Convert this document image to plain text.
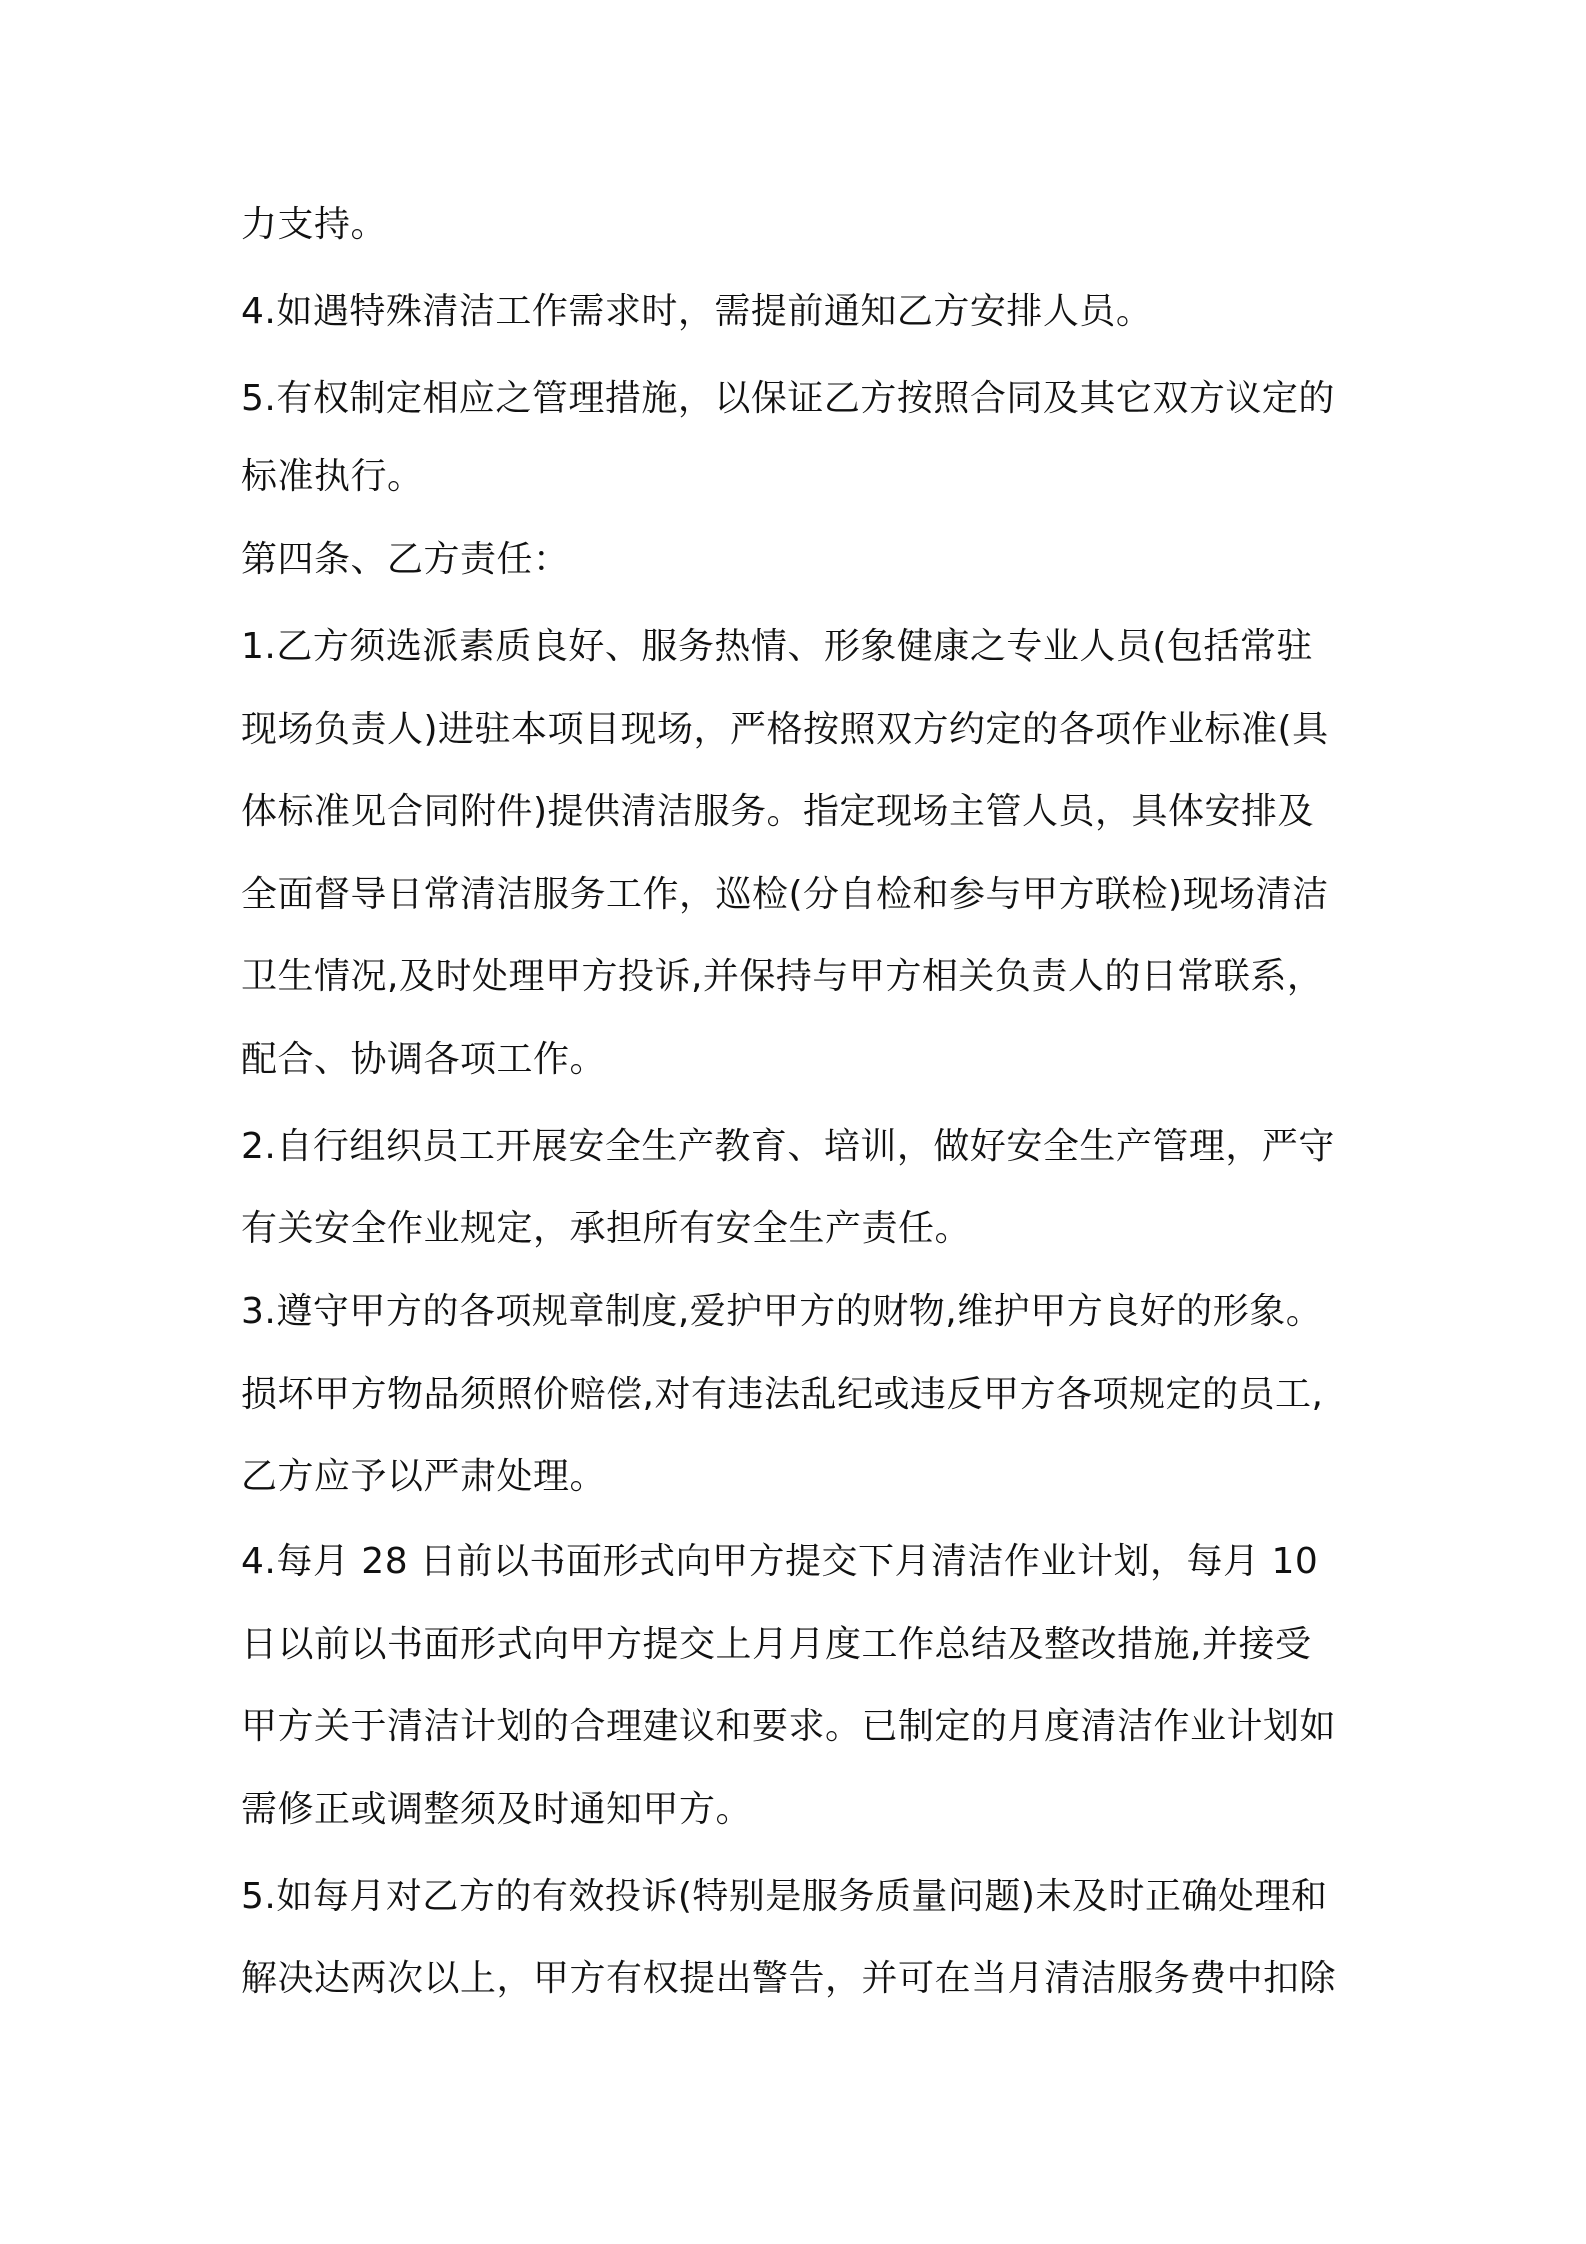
力支持。
4.如遇特殊清洁工作需求时，需提前通知乙方安排人员。
5.有权制定相应之管理措施，以保证乙方按照合同及其它双方议定的
标准执行。
第四条、乙方责任：
1.乙方须选派素质良好、服务热情、形象健康之专业人员(包括常驻
现场负责人)进驻本项目现场，严格按照双方约定的各项作业标准(具
体标准见合同附件)提供清洁服务。指定现场主管人员，具体安排及
全面督导日常清洁服务工作，巡检(分自检和参与甲方联检)现场清洁
卫生情况,及时处理甲方投诉,并保持与甲方相关负责人的日常联系，
配合、协调各项工作。
2.自行组织员工开展安全生产教育、培训，做好安全生产管理，严守
有关安全作业规定，承担所有安全生产责任。
3.遵守甲方的各项规章制度,爱护甲方的财物,维护甲方良好的形象。
损坏甲方物品须照价赔偿,对有违法乱纪或违反甲方各项规定的员工,
乙方应予以严肃处理。
4.每月 28 日前以书面形式向甲方提交下月清洁作业计划，每月 10
日以前以书面形式向甲方提交上月月度工作总结及整改措施,并接受
甲方关于清洁计划的合理建议和要求。已制定的月度清洁作业计划如
需修正或调整须及时通知甲方。
5.如每月对乙方的有效投诉(特别是服务质量问题)未及时正确处理和
解决达两次以上，甲方有权提出警告，并可在当月清洁服务费中扣除
